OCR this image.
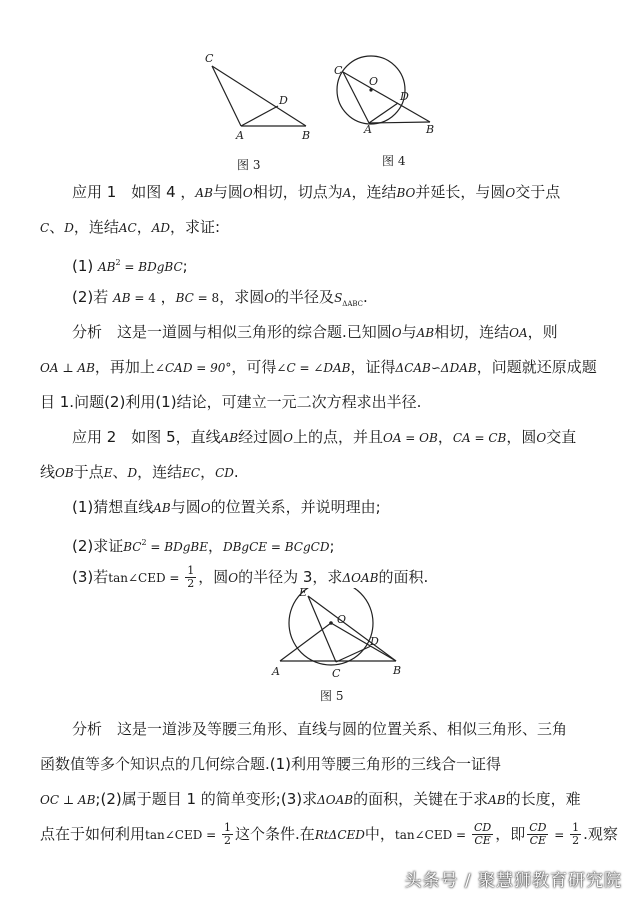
C
D
A	B
C
O
D
A	B
图 3	图 4
应用 1　如图 4 ，AB与圆O相切，切点为A，连结BO并延长，与圆O交于点
C、D，连结AC，AD，求证:
(1) $AB^2$ = BDgBC;
(2)若 AB = 4 ，BC = 8，求圆O的半径及$S_{\Delta ABC}$.
分析　这是一道圆与相似三角形的综合题.已知圆O与AB相切，连结OA，则
OA ⊥ AB，再加上∠CAD = 90°，可得∠C = ∠DAB，证得ΔCAB∽ΔDAB，问题就还原成题
目 1.问题(2)利用(1)结论，可建立一元二次方程求出半径.
应用 2　如图 5，直线AB经过圆O上的点，并且OA = OB，CA = CB，圆O交直
线OB于点E、D，连结EC，CD.
(1)猜想直线AB与圆O的位置关系，并说明理由;
(2)求证$BC^2$ = BDgBE，DBgCE = BCgCD;
(3)若tan∠CED = $\frac{1}{2}$ ，圆O的半径为 3，求ΔOAB的面积.
E
O
D
A	C	B
图 5
分析　这是一道涉及等腰三角形、直线与圆的位置关系、相似三角形、三角
函数值等多个知识点的几何综合题.(1)利用等腰三角形的三线合一证得
OC ⊥ AB;(2)属于题目 1 的简单变形;(3)求ΔOAB的面积，关键在于求AB的长度，难
点在于如何利用tan∠CED = $\frac{1}{2}$ 这个条件.在RtΔCED中，tan∠CED = $\frac{CD}{CE}$ ，即 $\frac{CD}{CE} = \frac{1}{2}$ .观察
头条号 / 聚慧狮教育研究院
